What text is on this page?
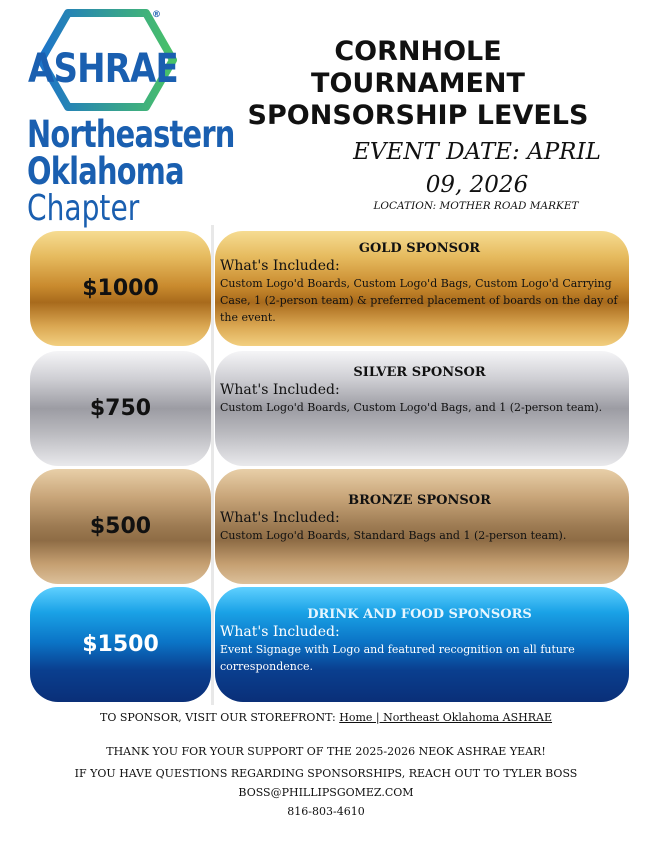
®
ASHRAE
Northeastern
Oklahoma
Chapter
CORNHOLE
TOURNAMENT
SPONSORSHIP LEVELS
EVENT DATE: APRIL
09, 2026
LOCATION: MOTHER ROAD MARKET
$1000
GOLD SPONSOR
What's Included:
Custom Logo'd Boards, Custom Logo'd Bags, Custom Logo'd Carrying Case, 1 (2-person team) & preferred placement of boards on the day of the event.
$750
SILVER SPONSOR
What's Included:
Custom Logo'd Boards, Custom Logo'd Bags, and 1 (2-person team).
$500
BRONZE SPONSOR
What's Included:
Custom Logo'd Boards, Standard Bags and 1 (2-person team).
$1500
DRINK AND FOOD SPONSORS
What's Included:
Event Signage with Logo and featured recognition on all future correspondence.
TO SPONSOR, VISIT OUR STOREFRONT: Home | Northeast Oklahoma ASHRAE
THANK YOU FOR YOUR SUPPORT OF THE 2025-2026 NEOK ASHRAE YEAR!
IF YOU HAVE QUESTIONS REGARDING SPONSORSHIPS, REACH OUT TO TYLER BOSS
BOSS@PHILLIPSGOMEZ.COM
816-803-4610
